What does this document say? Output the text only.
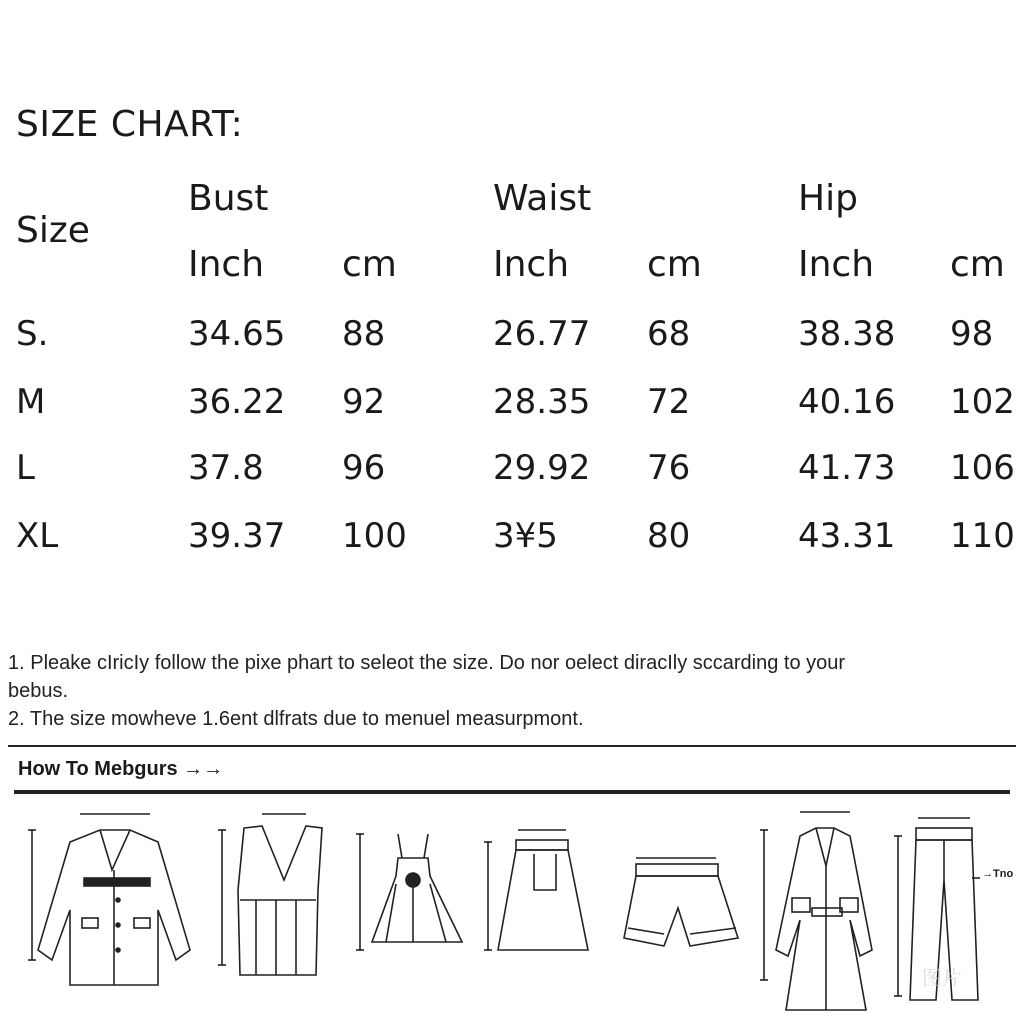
SIZE CHART:
Size
Bust	Waist	Hip
Inch cm	Inch cm	Inch cm
S.	34.65 88	26.77 68	38.38 98
M	36.22 92	28.35 72	40.16 102
L	37.8 96	29.92 76	41.73 106
XL	39.37 100	3¥5	80	43.31 110
1. Pleake cIricIy follow the pixe phart to seleot the size. Do nor oelect diracIly sccarding to your
bebus.
2. The size mowheve 1.6ent dlfrats due to menuel measurpmont.
How To Mebgurs →→
→Tno
图片
